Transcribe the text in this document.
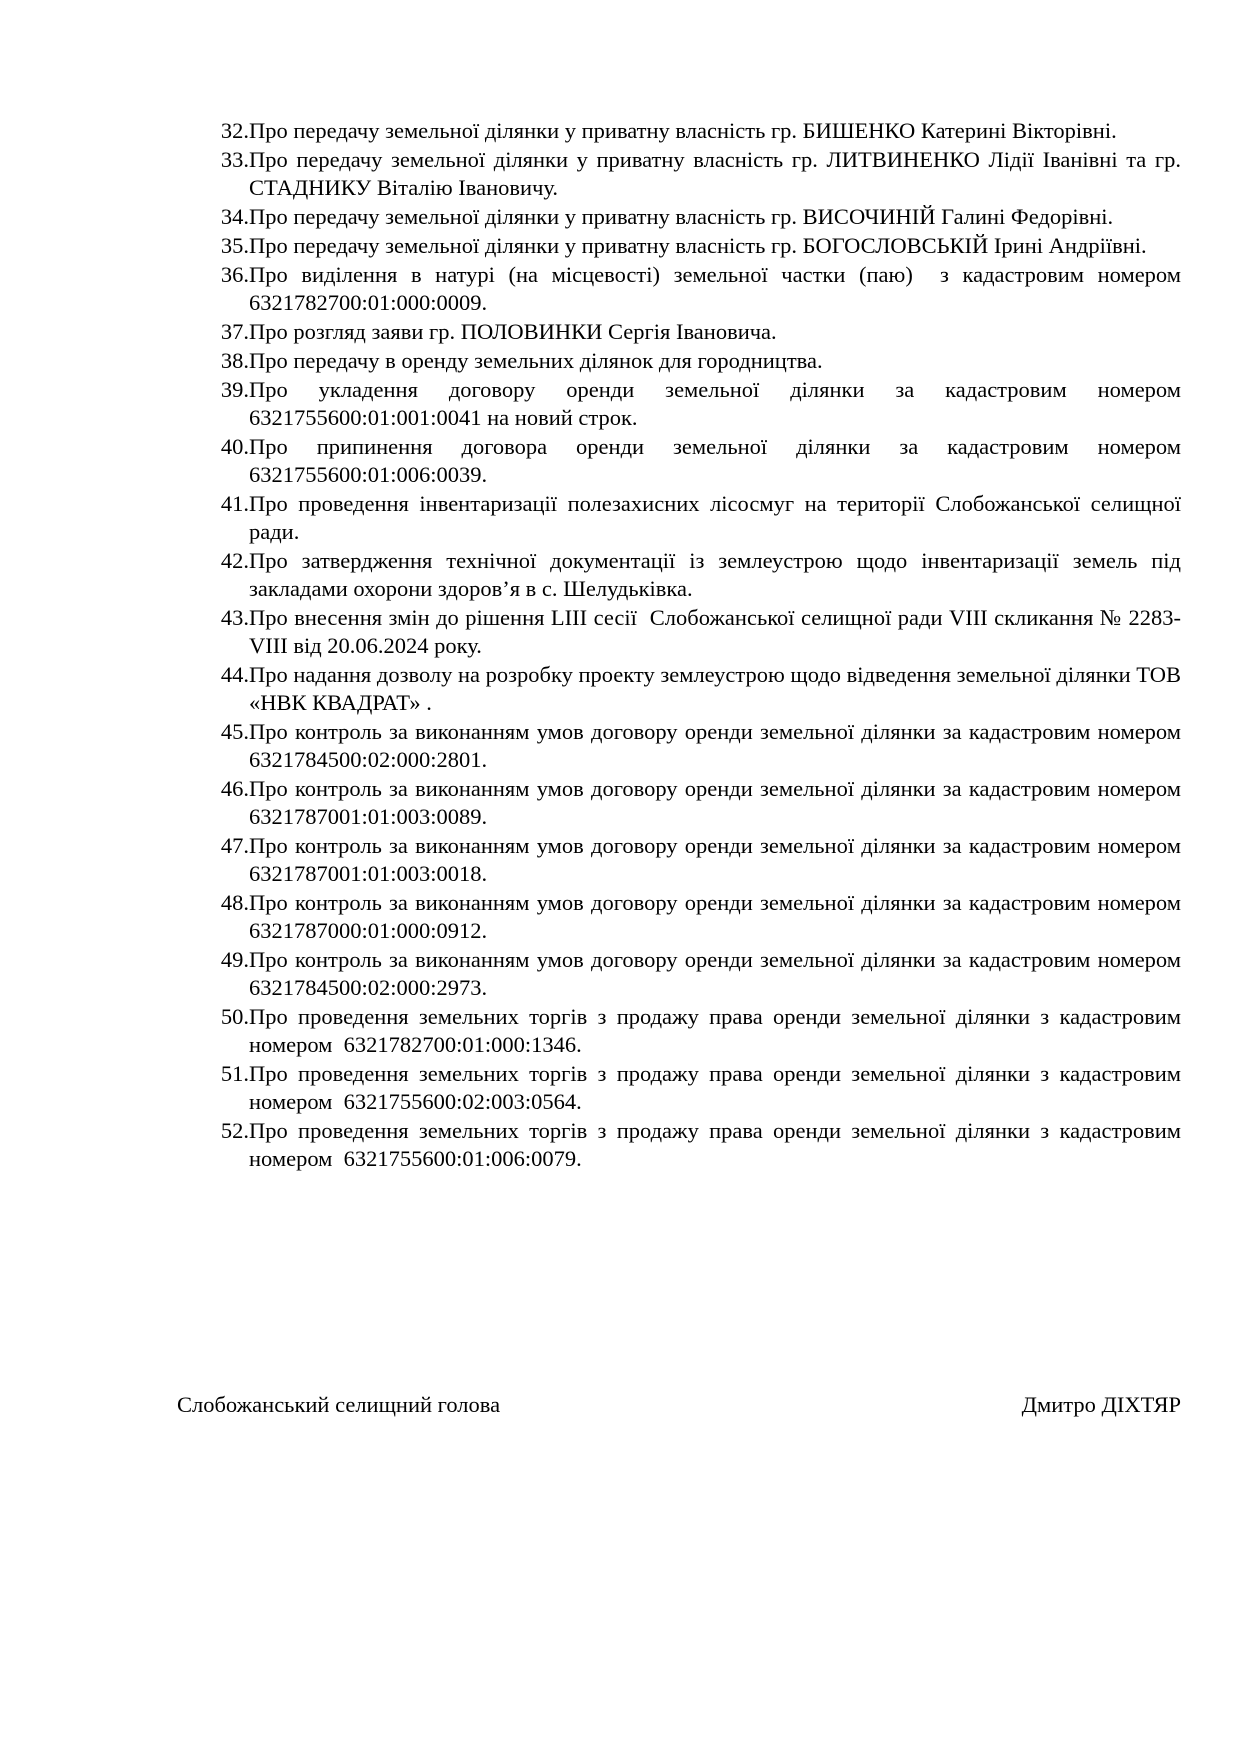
32. Про передачу земельної ділянки у приватну власність гр. БИШЕНКО Катерині Вікторівні.
33. Про передачу земельної ділянки у приватну власність гр. ЛИТВИНЕНКО Лідії Іванівні та гр. СТАДНИКУ Віталію Івановичу.
34. Про передачу земельної ділянки у приватну власність гр. ВИСОЧИНІЙ Галині Федорівні.
35. Про передачу земельної ділянки у приватну власність гр. БОГОСЛОВСЬКІЙ Ірині Андріївні.
36. Про виділення в натурі (на місцевості) земельної частки (паю)  з кадастровим номером 6321782700:01:000:0009.
37. Про розгляд заяви гр. ПОЛОВИНКИ Сергія Івановича.
38. Про передачу в оренду земельних ділянок для городництва.
39. Про укладення договору оренди земельної ділянки за кадастровим номером 6321755600:01:001:0041 на новий строк.
40. Про припинення договора оренди земельної ділянки за кадастровим номером 6321755600:01:006:0039.
41. Про проведення інвентаризації полезахисних лісосмуг на території Слобожанської селищної ради.
42. Про затвердження технічної документації із землеустрою щодо інвентаризації земель під закладами охорони здоров’я в с. Шелудьківка.
43. Про внесення змін до рішення LIII сесії  Слобожанської селищної ради VIII скликання № 2283-VIII від 20.06.2024 року.
44. Про надання дозволу на розробку проекту землеустрою щодо відведення земельної ділянки ТОВ «НВК КВАДРАТ» .
45. Про контроль за виконанням умов договору оренди земельної ділянки за кадастровим номером 6321784500:02:000:2801.
46. Про контроль за виконанням умов договору оренди земельної ділянки за кадастровим номером 6321787001:01:003:0089.
47. Про контроль за виконанням умов договору оренди земельної ділянки за кадастровим номером 6321787001:01:003:0018.
48. Про контроль за виконанням умов договору оренди земельної ділянки за кадастровим номером 6321787000:01:000:0912.
49. Про контроль за виконанням умов договору оренди земельної ділянки за кадастровим номером 6321784500:02:000:2973.
50. Про проведення земельних торгів з продажу права оренди земельної ділянки з кадастровим номером  6321782700:01:000:1346.
51. Про проведення земельних торгів з продажу права оренди земельної ділянки з кадастровим номером  6321755600:02:003:0564.
52. Про проведення земельних торгів з продажу права оренди земельної ділянки з кадастровим номером  6321755600:01:006:0079.
Слобожанський селищний голова	Дмитро ДІХТЯР
